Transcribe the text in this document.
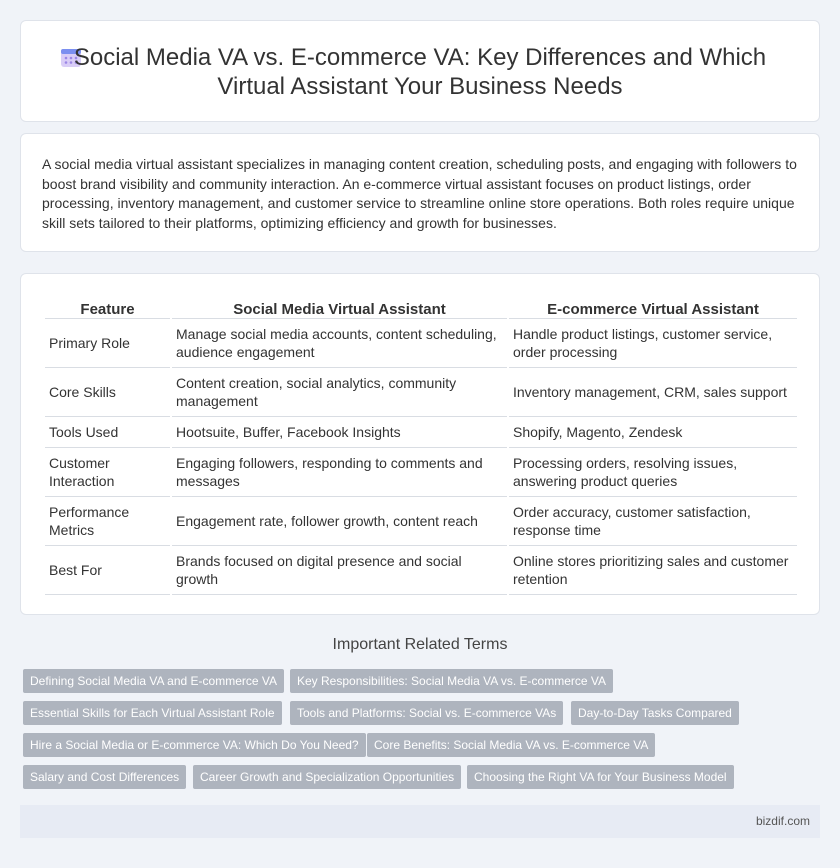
Social Media VA vs. E-commerce VA: Key Differences and Which
Virtual Assistant Your Business Needs

A social media virtual assistant specializes in managing content creation, scheduling posts, and engaging with followers to boost brand visibility and community interaction. An e-commerce virtual assistant focuses on product listings, order processing, inventory management, and customer service to streamline online store operations. Both roles require unique skill sets tailored to their platforms, optimizing efficiency and growth for businesses.

Feature	Social Media Virtual Assistant	E-commerce Virtual Assistant
Primary Role	Manage social media accounts, content scheduling, audience engagement	Handle product listings, customer service, order processing
Core Skills	Content creation, social analytics, community management	Inventory management, CRM, sales support
Tools Used	Hootsuite, Buffer, Facebook Insights	Shopify, Magento, Zendesk
Customer Interaction	Engaging followers, responding to comments and messages	Processing orders, resolving issues, answering product queries
Performance Metrics	Engagement rate, follower growth, content reach	Order accuracy, customer satisfaction, response time
Best For	Brands focused on digital presence and social growth	Online stores prioritizing sales and customer retention
Important Related Terms
Defining Social Media VA and E-commerce VA	Key Responsibilities: Social Media VA vs. E-commerce VA
Essential Skills for Each Virtual Assistant Role	Tools and Platforms: Social vs. E-commerce VAs	Day-to-Day Tasks Compared
Hire a Social Media or E-commerce VA: Which Do You Need?	Core Benefits: Social Media VA vs. E-commerce VA
Salary and Cost Differences	Career Growth and Specialization Opportunities	Choosing the Right VA for Your Business Model
bizdif.com
